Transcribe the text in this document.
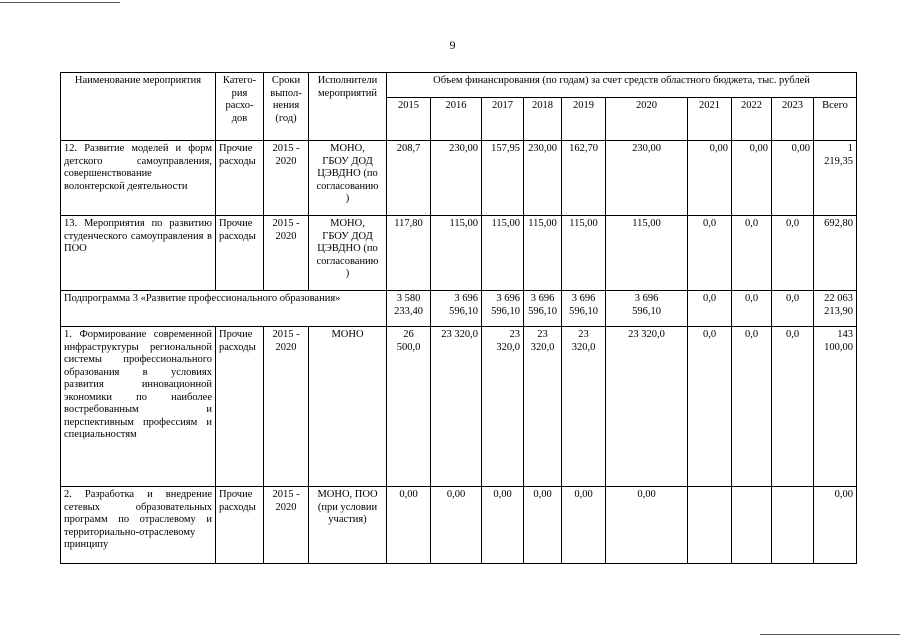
9
Наименование мероприятия	Катего-
рия
расхо-
дов	Сроки
выпол-
нения
(год)	Исполнители
мероприятий	Объем финансирования (по годам) за счет средств областного бюджета, тыс. рублей									
				2015	2016	2017	2018	2019	2020	2021	2022	2023	Всего
12. Развитие моделей и форм детского самоуправления, совершенствование волонтерской деятельности	Прочие
расходы	2015 -
2020	МОНО,
ГБОУ ДОД
ЦЭВДНО (по
согласованию
)	208,7	230,00	157,95	230,00	162,70	230,00	0,00	0,00	0,00	1 219,35
13. Мероприятия по развитию студенческого самоуправления в ПОО	Прочие
расходы	2015 -
2020	МОНО,
ГБОУ ДОД
ЦЭВДНО (по
согласованию
)	117,80	115,00	115,00	115,00	115,00	115,00	0,0	0,0	0,0	692,80
Подпрограмма 3 «Развитие профессионального образования»				3 580
233,40	3 696
596,10	3 696
596,10	3 696
596,10	3 696
596,10	3 696
596,10	0,0	0,0	0,0	22 063
213,90
1. Формирование современной инфраструктуры региональной системы профессионального образования в условиях развития инновационной экономики по наиболее востребованным и перспективным профессиям и специальностям	Прочие
расходы	2015 -
2020	МОНО	26
500,0	23 320,0	23
320,0	23
320,0	23
320,0	23 320,0	0,0	0,0	0,0	143
100,00
2. Разработка и внедрение сетевых образовательных программ по отраслевому и территориально-отраслевому принципу	Прочие
расходы	2015 -
2020	МОНО, ПОО
(при условии
участия)	0,00	0,00	0,00	0,00	0,00	0,00				0,00
